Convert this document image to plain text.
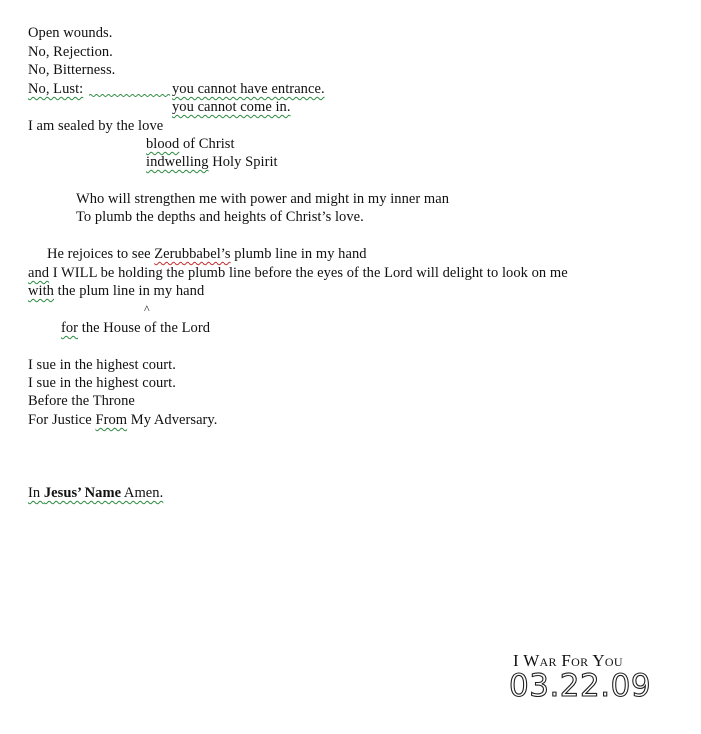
Open wounds.
No, Rejection.
No, Bitterness.
No, Lust:	you cannot have entrance.
you cannot come in.
I am sealed by the love
blood of Christ
indwelling Holy Spirit
Who will strengthen me with power and might in my inner man
To plumb the depths and heights of Christ’s love.
He rejoices to see Zerubbabel’s plumb line in my hand
and I WILL be holding the plumb line before the eyes of the Lord will delight to look on me
with the plum line in my hand
^
for the House of the Lord
I sue in the highest court.
I sue in the highest court.
Before the Throne
For Justice From My Adversary.
In Jesus’ Name Amen.
I War For You
03.22.09
